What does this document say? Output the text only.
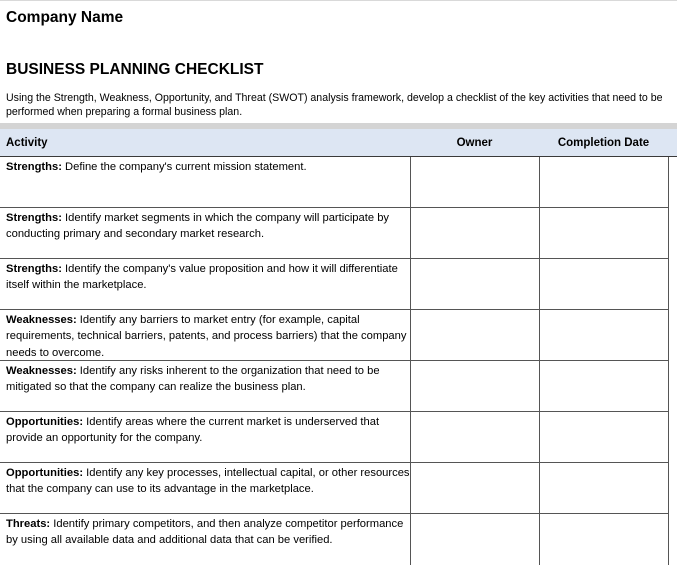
Company Name
BUSINESS PLANNING CHECKLIST
Using the Strength, Weakness, Opportunity, and Threat (SWOT) analysis framework, develop a checklist of the key activities that need to be performed when preparing a formal business plan.
Activity	Owner	Completion Date
Strengths: Define the company's current mission statement.
Strengths: Identify market segments in which the company will participate by conducting primary and secondary market research.
Strengths: Identify the company's value proposition and how it will differentiate itself within the marketplace.
Weaknesses: Identify any barriers to market entry (for example, capital requirements, technical barriers, patents, and process barriers) that the company needs to overcome.
Weaknesses: Identify any risks inherent to the organization that need to be mitigated so that the company can realize the business plan.
Opportunities: Identify areas where the current market is underserved that provide an opportunity for the company.
Opportunities: Identify any key processes, intellectual capital, or other resources that the company can use to its advantage in the marketplace.
Threats: Identify primary competitors, and then analyze competitor performance by using all available data and additional data that can be verified.
